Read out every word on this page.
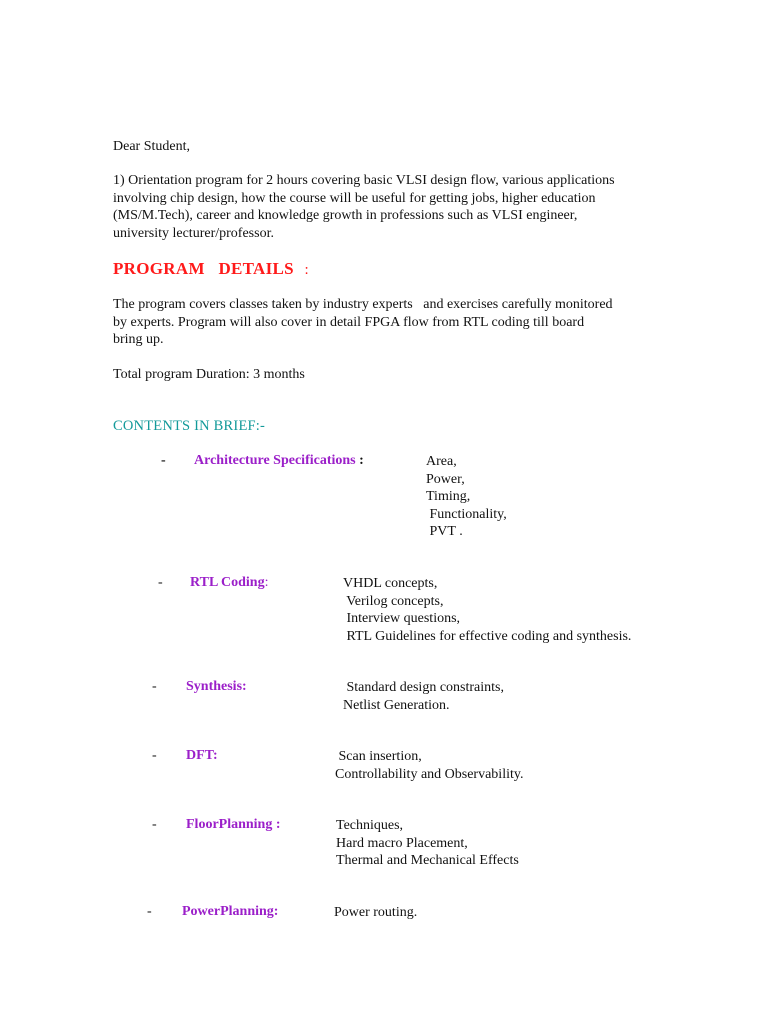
Dear Student,
1) Orientation program for 2 hours covering basic VLSI design flow, various applications
involving chip design, how the course will be useful for getting jobs, higher education
(MS/M.Tech), career and knowledge growth in professions such as VLSI engineer,
university lecturer/professor.
PROGRAM   DETAILS :
The program covers classes taken by industry experts   and exercises carefully monitored
by experts. Program will also cover in detail FPGA flow from RTL coding till board
bring up.
Total program Duration: 3 months
CONTENTS IN BRIEF:-
- Architecture Specifications :	Area,
Power,
Timing,
Functionality,
PVT .
- RTL Coding:	VHDL concepts,
Verilog concepts,
Interview questions,
RTL Guidelines for effective coding and synthesis.
- Synthesis:	Standard design constraints,
Netlist Generation.
- DFT:	Scan insertion,
Controllability and Observability.
- FloorPlanning :	Techniques,
Hard macro Placement,
Thermal and Mechanical Effects
- PowerPlanning:	Power routing.
